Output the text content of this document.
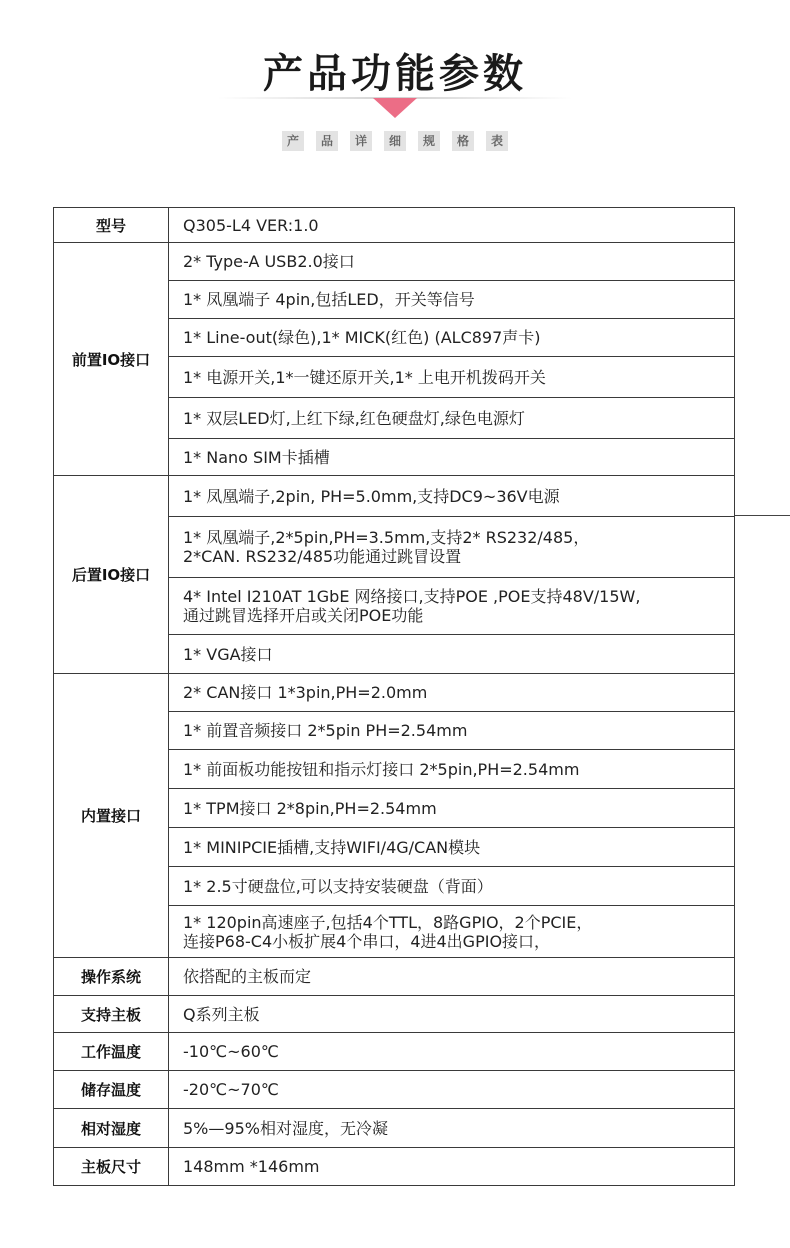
产品功能参数
产 品 详 细 规 格 表
型号	Q305-L4 VER:1.0
前置IO接口	2* Type-A USB2.0接口
	1* 凤凰端子 4pin,包括LED，开关等信号
	1* Line-out(绿色),1* MICK(红色) (ALC897声卡)
	1* 电源开关,1*一键还原开关,1* 上电开机拨码开关
	1* 双层LED灯,上红下绿,红色硬盘灯,绿色电源灯
	1* Nano SIM卡插槽
后置IO接口	1* 凤凰端子,2pin, PH=5.0mm,支持DC9~36V电源

	1* 凤凰端子,2*5pin,PH=3.5mm,支持2* RS232/485，
2*CAN. RS232/485功能通过跳冒设置

	4* Intel I210AT 1GbE 网络接口,支持POE ,POE支持48V/15W,
通过跳冒选择开启或关闭POE功能

	1* VGA接口
内置接口	2* CAN接口 1*3pin,PH=2.0mm
	1* 前置音频接口 2*5pin PH=2.54mm
	1* 前面板功能按钮和指示灯接口 2*5pin,PH=2.54mm
	1* TPM接口 2*8pin,PH=2.54mm
	1* MINIPCIE插槽,支持WIFI/4G/CAN模块
	1* 2.5寸硬盘位,可以支持安装硬盘（背面）

	1* 120pin高速座子,包括4个TTL，8路GPIO，2个PCIE，
连接P68-C4小板扩展4个串口，4进4出GPIO接口，

操作系统	依搭配的主板而定
支持主板	Q系列主板
工作温度	-10℃~60℃
储存温度	-20℃~70℃
相对湿度	5%—95%相对湿度，无冷凝
主板尺寸	148mm *146mm
